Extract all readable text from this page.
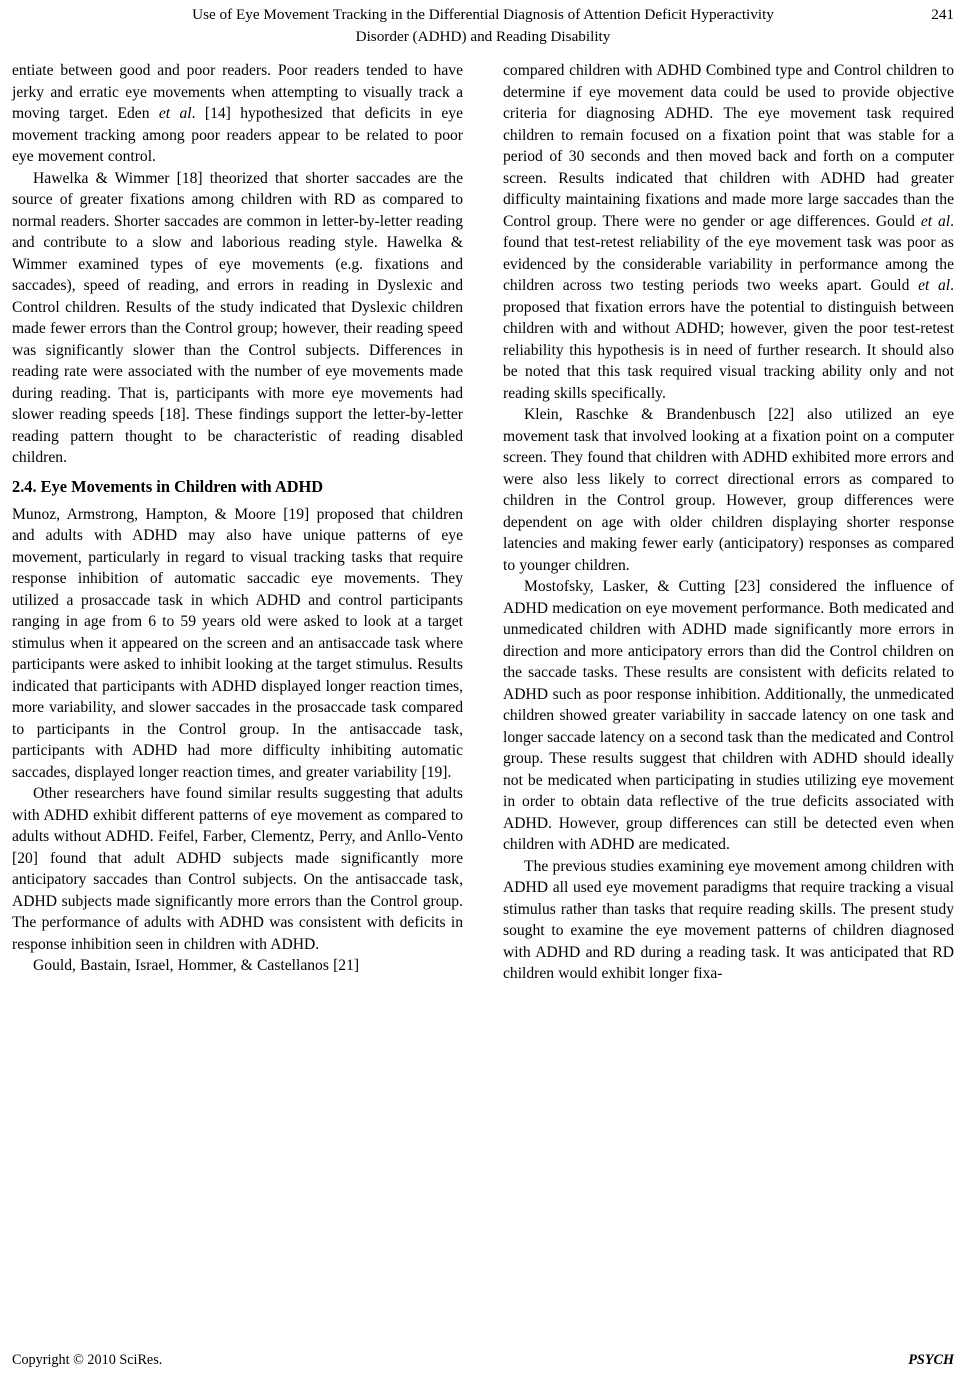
Use of Eye Movement Tracking in the Differential Diagnosis of Attention Deficit Hyperactivity
Disorder (ADHD) and Reading Disability
241

entiate between good and poor readers. Poor readers tended to have jerky and erratic eye movements when attempting to visually track a moving target. Eden et al. [14] hypothesized that deficits in eye movement tracking among poor readers appear to be related to poor eye movement control.

Hawelka & Wimmer [18] theorized that shorter saccades are the source of greater fixations among children with RD as compared to normal readers. Shorter saccades are common in letter-by-letter reading and contribute to a slow and laborious reading style. Hawelka & Wimmer examined types of eye movements (e.g. fixations and saccades), speed of reading, and errors in reading in Dyslexic and Control children. Results of the study indicated that Dyslexic children made fewer errors than the Control group; however, their reading speed was significantly slower than the Control subjects. Differences in reading rate were associated with the number of eye movements made during reading. That is, participants with more eye movements had slower reading speeds [18]. These findings support the letter-by-letter reading pattern thought to be characteristic of reading disabled children.

2.4. Eye Movements in Children with ADHD

Munoz, Armstrong, Hampton, & Moore [19] proposed that children and adults with ADHD may also have unique patterns of eye movement, particularly in regard to visual tracking tasks that require response inhibition of automatic saccadic eye movements. They utilized a prosaccade task in which ADHD and control participants ranging in age from 6 to 59 years old were asked to look at a target stimulus when it appeared on the screen and an antisaccade task where participants were asked to inhibit looking at the target stimulus. Results indicated that participants with ADHD displayed longer reaction times, more variability, and slower saccades in the prosaccade task compared to participants in the Control group. In the antisaccade task, participants with ADHD had more difficulty inhibiting automatic saccades, displayed longer reaction times, and greater variability [19].

Other researchers have found similar results suggesting that adults with ADHD exhibit different patterns of eye movement as compared to adults without ADHD. Feifel, Farber, Clementz, Perry, and Anllo-Vento [20] found that adult ADHD subjects made significantly more anticipatory saccades than Control subjects. On the antisaccade task, ADHD subjects made significantly more errors than the Control group. The performance of adults with ADHD was consistent with deficits in response inhibition seen in children with ADHD.

Gould, Bastain, Israel, Hommer, & Castellanos [21]

compared children with ADHD Combined type and Control children to determine if eye movement data could be used to provide objective criteria for diagnosing ADHD. The eye movement task required children to remain focused on a fixation point that was stable for a period of 30 seconds and then moved back and forth on a computer screen. Results indicated that children with ADHD had greater difficulty maintaining fixations and made more large saccades than the Control group. There were no gender or age differences. Gould et al. found that test-retest reliability of the eye movement task was poor as evidenced by the considerable variability in performance among the children across two testing periods two weeks apart. Gould et al. proposed that fixation errors have the potential to distinguish between children with and without ADHD; however, given the poor test-retest reliability this hypothesis is in need of further research. It should also be noted that this task required visual tracking ability only and not reading skills specifically.

Klein, Raschke & Brandenbusch [22] also utilized an eye movement task that involved looking at a fixation point on a computer screen. They found that children with ADHD exhibited more errors and were also less likely to correct directional errors as compared to children in the Control group. However, group differences were dependent on age with older children displaying shorter response latencies and making fewer early (anticipatory) responses as compared to younger children.

Mostofsky, Lasker, & Cutting [23] considered the influence of ADHD medication on eye movement performance. Both medicated and unmedicated children with ADHD made significantly more errors in direction and more anticipatory errors than did the Control children on the saccade tasks. These results are consistent with deficits related to ADHD such as poor response inhibition. Additionally, the unmedicated children showed greater variability in saccade latency on one task and longer saccade latency on a second task than the medicated and Control group. These results suggest that children with ADHD should ideally not be medicated when participating in studies utilizing eye movement in order to obtain data reflective of the true deficits associated with ADHD. However, group differences can still be detected even when children with ADHD are medicated.

The previous studies examining eye movement among children with ADHD all used eye movement paradigms that require tracking a visual stimulus rather than tasks that require reading skills. The present study sought to examine the eye movement patterns of children diagnosed with ADHD and RD during a reading task. It was anticipated that RD children would exhibit longer fixa-

Copyright © 2010 SciRes.	PSYCH
